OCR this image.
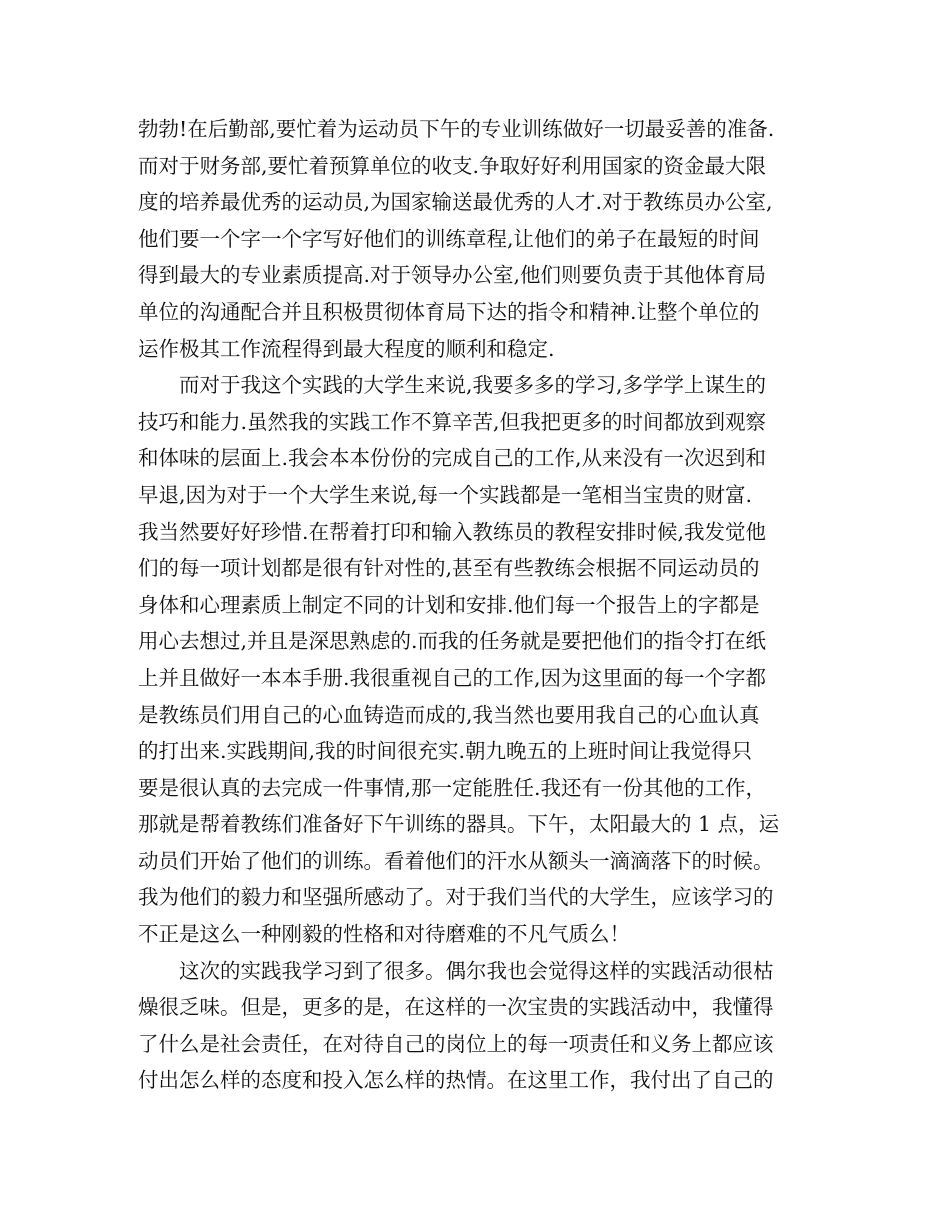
勃勃!在后勤部,要忙着为运动员下午的专业训练做好一切最妥善的准备.
而对于财务部,要忙着预算单位的收支.争取好好利用国家的资金最大限
度的培养最优秀的运动员,为国家输送最优秀的人才.对于教练员办公室,
他们要一个字一个字写好他们的训练章程,让他们的弟子在最短的时间
得到最大的专业素质提高.对于领导办公室,他们则要负责于其他体育局
单位的沟通配合并且积极贯彻体育局下达的指令和精神.让整个单位的
运作极其工作流程得到最大程度的顺利和稳定.
而对于我这个实践的大学生来说,我要多多的学习,多学学上谋生的
技巧和能力.虽然我的实践工作不算辛苦,但我把更多的时间都放到观察
和体味的层面上.我会本本份份的完成自己的工作,从来没有一次迟到和
早退,因为对于一个大学生来说,每一个实践都是一笔相当宝贵的财富.
我当然要好好珍惜.在帮着打印和输入教练员的教程安排时候,我发觉他
们的每一项计划都是很有针对性的,甚至有些教练会根据不同运动员的
身体和心理素质上制定不同的计划和安排.他们每一个报告上的字都是
用心去想过,并且是深思熟虑的.而我的任务就是要把他们的指令打在纸
上并且做好一本本手册.我很重视自己的工作,因为这里面的每一个字都
是教练员们用自己的心血铸造而成的,我当然也要用我自己的心血认真
的打出来.实践期间,我的时间很充实.朝九晚五的上班时间让我觉得只
要是很认真的去完成一件事情,那一定能胜任.我还有一份其他的工作，
那就是帮着教练们准备好下午训练的器具。下午，太阳最大的 1 点，运
动员们开始了他们的训练。看着他们的汗水从额头一滴滴落下的时候。
我为他们的毅力和坚强所感动了。对于我们当代的大学生，应该学习的
不正是这么一种刚毅的性格和对待磨难的不凡气质么！
这次的实践我学习到了很多。偶尔我也会觉得这样的实践活动很枯
燥很乏味。但是，更多的是，在这样的一次宝贵的实践活动中，我懂得
了什么是社会责任，在对待自己的岗位上的每一项责任和义务上都应该
付出怎么样的态度和投入怎么样的热情。在这里工作，我付出了自己的
